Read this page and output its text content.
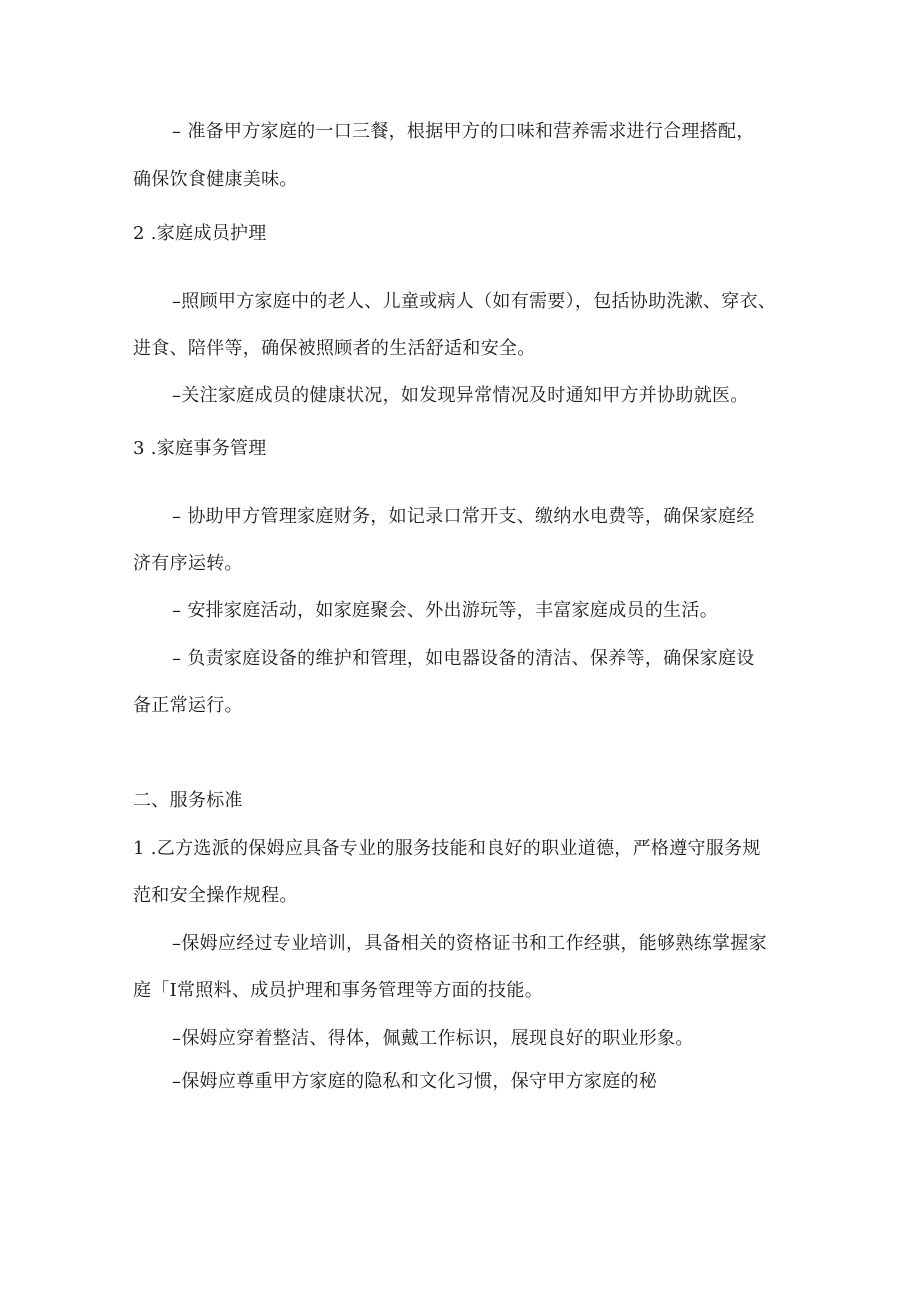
– 准备甲方家庭的一口三餐，根据甲方的口味和营养需求进行合理搭配，
确保饮食健康美味。
2 .家庭成员护理
–照顾甲方家庭中的老人、儿童或病人（如有需要），包括协助洗漱、穿衣、
进食、陪伴等，确保被照顾者的生活舒适和安全。
–关注家庭成员的健康状况，如发现异常情况及时通知甲方并协助就医。
3 .家庭事务管理
– 协助甲方管理家庭财务，如记录口常开支、缴纳水电费等，确保家庭经
济有序运转。
– 安排家庭活动，如家庭聚会、外出游玩等，丰富家庭成员的生活。
– 负责家庭设备的维护和管理，如电器设备的清洁、保养等，确保家庭设
备正常运行。
二、服务标准
1 .乙方选派的保姆应具备专业的服务技能和良好的职业道德，严格遵守服务规
范和安全操作规程。
–保姆应经过专业培训，具备相关的资格证书和工作经骐，能够熟练掌握家
庭「I常照料、成员护理和事务管理等方面的技能。
–保姆应穿着整洁、得体，佩戴工作标识，展现良好的职业形象。
–保姆应尊重甲方家庭的隐私和文化习惯，保守甲方家庭的秘
